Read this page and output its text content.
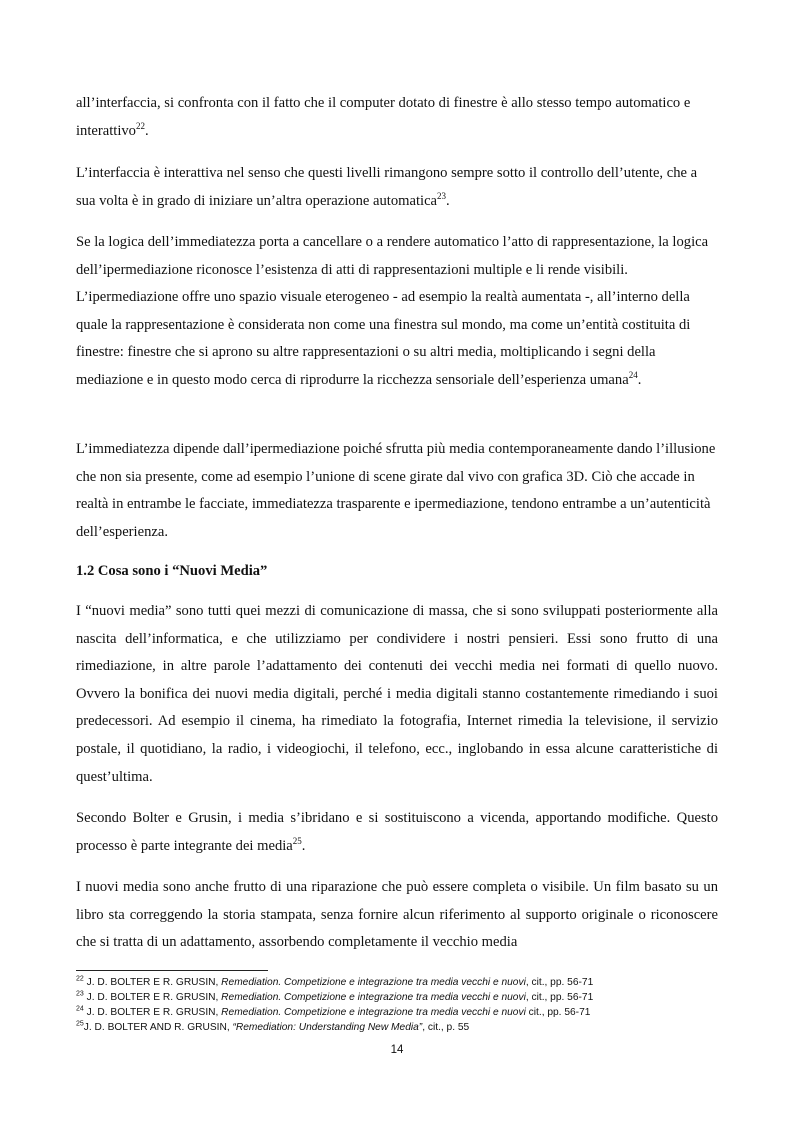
all’interfaccia, si confronta con il fatto che il computer dotato di finestre è allo stesso tempo automatico e interattivo$^{22}$.

L’interfaccia è interattiva nel senso che questi livelli rimangono sempre sotto il controllo dell’utente, che a sua volta è in grado di iniziare un’altra operazione automatica$^{23}$.

Se la logica dell’immediatezza porta a cancellare o a rendere automatico l’atto di rappresentazione, la logica dell’ipermediazione riconosce l’esistenza di atti di rappresentazioni multiple e li rende visibili. L’ipermediazione offre uno spazio visuale eterogeneo - ad esempio la realtà aumentata -, all’interno della quale la rappresentazione è considerata non come una finestra sul mondo, ma come un’entità costituita di finestre: finestre che si aprono su altre rappresentazioni o su altri media, moltiplicando i segni della mediazione e in questo modo cerca di riprodurre la ricchezza sensoriale dell’esperienza umana$^{24}$.

L’immediatezza dipende dall’ipermediazione poiché sfrutta più media contemporaneamente dando l’illusione che non sia presente, come ad esempio l’unione di scene girate dal vivo con grafica 3D. Ciò che accade in realtà in entrambe le facciate, immediatezza trasparente e ipermediazione, tendono entrambe a un’autenticità dell’esperienza.

1.2 Cosa sono i “Nuovi Media”

I “nuovi media” sono tutti quei mezzi di comunicazione di massa, che si sono sviluppati posteriormente alla nascita dell’informatica, e che utilizziamo per condividere i nostri pensieri. Essi sono frutto di una rimediazione, in altre parole l’adattamento dei contenuti dei vecchi media nei formati di quello nuovo. Ovvero la bonifica dei nuovi media digitali, perché i media digitali stanno costantemente rimediando i suoi predecessori. Ad esempio il cinema, ha rimediato la fotografia, Internet rimedia la televisione, il servizio postale, il quotidiano, la radio, i videogiochi, il telefono, ecc., inglobando in essa alcune caratteristiche di quest’ultima.

Secondo Bolter e Grusin, i media s’ibridano e si sostituiscono a vicenda, apportando modifiche. Questo processo è parte integrante dei media$^{25}$.

I nuovi media sono anche frutto di una riparazione che può essere completa o visibile. Un film basato su un libro sta correggendo la storia stampata, senza fornire alcun riferimento al supporto originale o riconoscere che si tratta di un adattamento, assorbendo completamente il vecchio media

$^{22}$ J. D. BOLTER E R. GRUSIN, Remediation. Competizione e integrazione tra media vecchi e nuovi, cit., pp. 56-71

$^{23}$ J. D. BOLTER E R. GRUSIN, Remediation. Competizione e integrazione tra media vecchi e nuovi, cit., pp. 56-71

$^{24}$ J. D. BOLTER E R. GRUSIN, Remediation. Competizione e integrazione tra media vecchi e nuovi cit., pp. 56-71

$^{25}$J. D. BOLTER AND R. GRUSIN, “Remediation: Understanding New Media”, cit., p. 55

14
